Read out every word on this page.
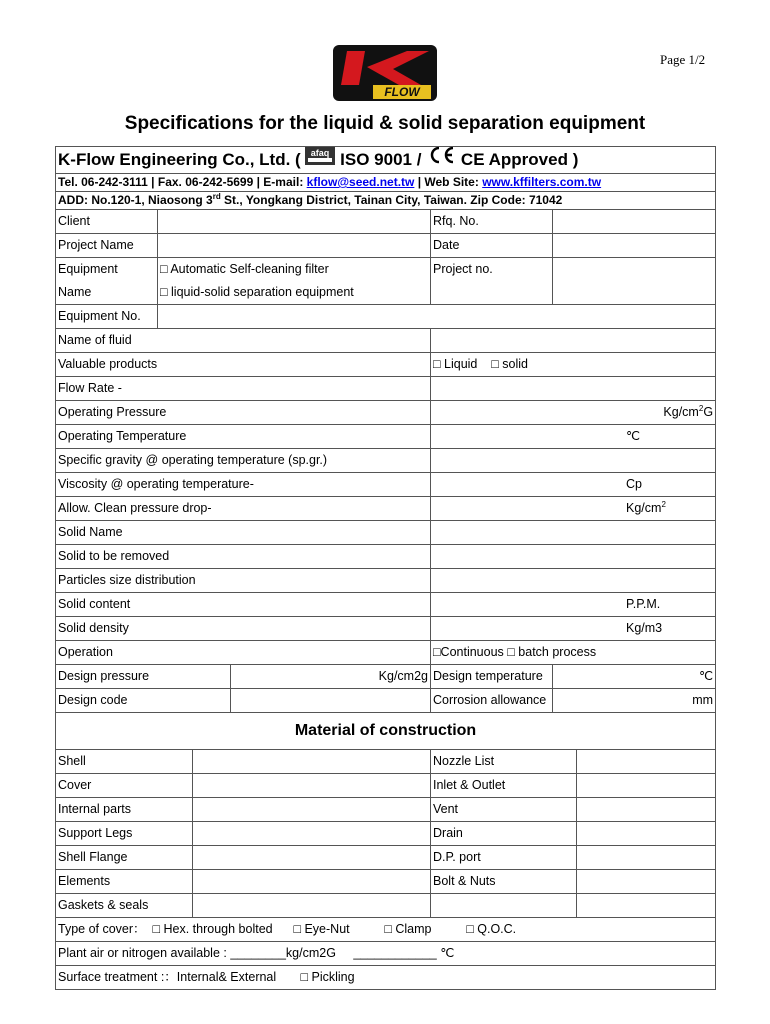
Page 1/2
FLOW
Specifications for the liquid & solid separation equipment
K-Flow Engineering Co., Ltd. ( afaq ISO 9001 / CE Approved )				
Tel. 06-242-3111 | Fax. 06-242-5699 | E-mail: kflow@seed.net.tw | Web Site: www.kffilters.com.tw				
ADD: No.120-1, Niaosong 3rd St., Yongkang District, Tainan City, Taiwan. Zip Code: 71042				
Client			Rfq. No.	
Project Name			Date	
Equipment	□ Automatic Self-cleaning filter		Project no.	
Name	□ liquid-solid separation equipment			
Equipment No.				
Name of fluid				
Valuable products			□ Liquid    □ solid	
Flow Rate -				
Operating Pressure			$Kg/cm^2G$	
Operating Temperature			℃	
Specific gravity @ operating temperature (sp.gr.)				
Viscosity @ operating temperature-			Cp	
Allow. Clean pressure drop-			$Kg/cm^2$
Solid Name				
Solid to be removed				
Particles size distribution				
Solid content			P.P.M.	
Solid density			Kg/m3	
Operation			□Continuous □ batch process	
Design pressure		Kg/cm2g	Design temperature	℃
Design code			Corrosion allowance	mm
Material of construction			
Shell		Nozzle List	
Cover		Inlet & Outlet	
Internal parts		Vent	
Support Legs		Drain	
Shell Flange		D.P. port	
Elements		Bolt & Nuts	
Gaskets & seals			
Type of cover：  □ Hex. through bolted      □ Eye-Nut          □ Clamp          □ Q.O.C.			
Plant air or nitrogen available : ________kg/cm2G     ____________ ℃			
Surface treatment :：Internal& External       □ Pickling			
